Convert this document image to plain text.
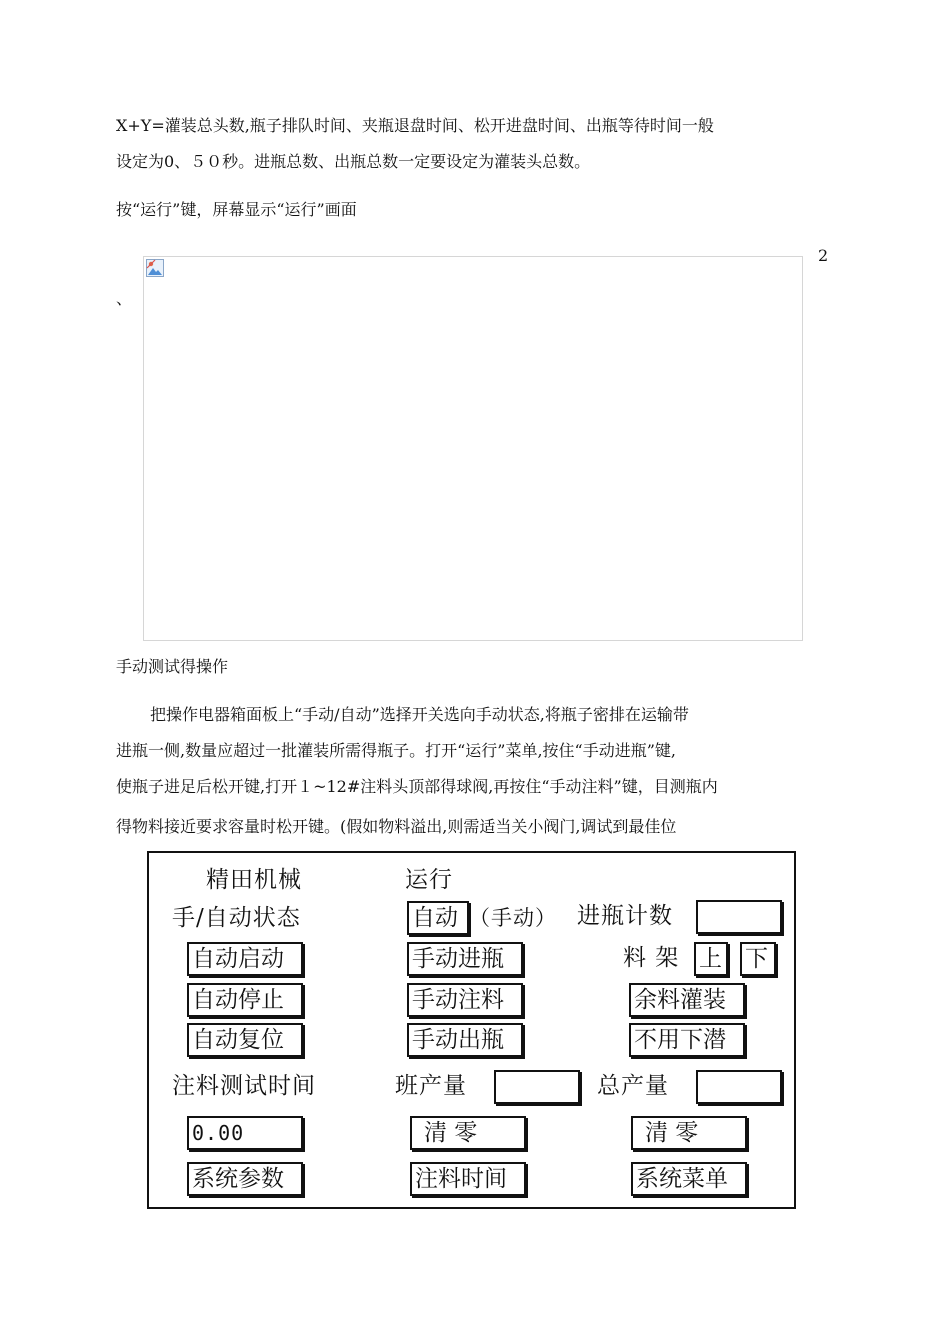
X+Y=灌装总头数,瓶子排队时间、夹瓶退盘时间、松开进盘时间、出瓶等待时间一般

设定为0、５０秒。进瓶总数、出瓶总数一定要设定为灌装头总数。

按“运行”键，屏幕显示“运行”画面

2
、

手动测试得操作

把操作电器箱面板上“手动/自动”选择开关选向手动状态,将瓶子密排在运输带

进瓶一侧,数量应超过一批灌装所需得瓶子。打开“运行”菜单,按住“手动进瓶”键,

使瓶子进足后松开键,打开１~12#注料头顶部得球阀,再按住“手动注料”键，目测瓶内

得物料接近要求容量时松开键。(假如物料溢出,则需适当关小阀门,调试到最佳位

精田机械	运行
手/自动状态	自动 （手动） 进瓶计数
自动启动	手动进瓶	料 架 上 下
自动停止	手动注料	余料灌装
自动复位	手动出瓶	不用下潜
注料测试时间	班产量	总产量
0.00	清 零	清 零
系统参数	注料时间	系统菜单
